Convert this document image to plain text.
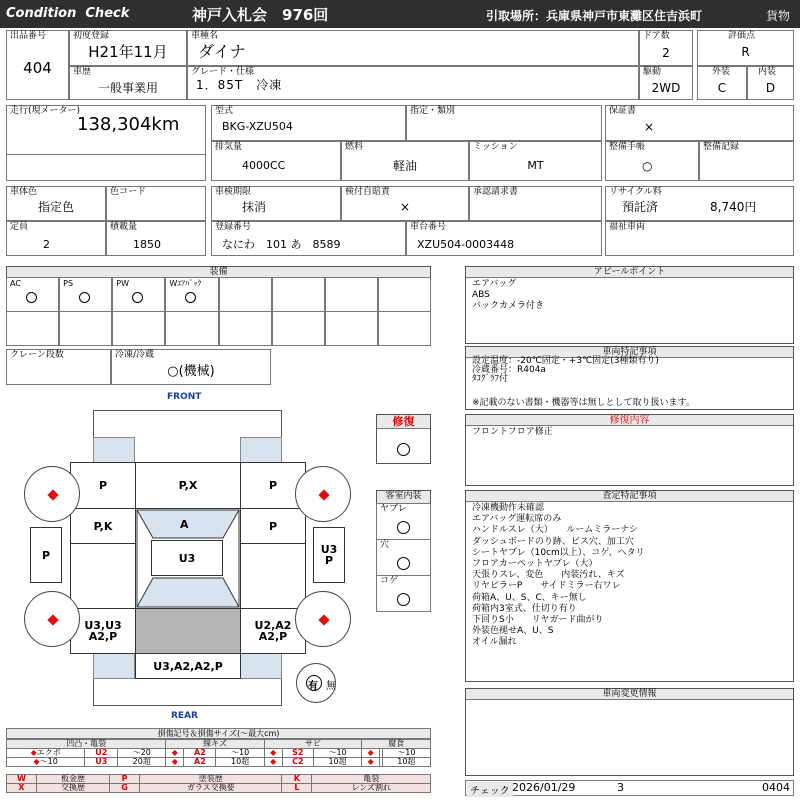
Condition  Check	神戸入札会　976回	引取場所：兵庫県神戸市東灘区住吉浜町	貨物
出品番号
404
初度登録
H21年11月
車種名
ダイナ
ドア数
2
評価点
R
車歴
一般事業用
グレード・仕様
1．85T　冷凍
駆動
2WD
外装
C
内装
D
走行(現メーター)
138,304km
型式
BKG-XZU504
指定・類別	保証書
×
排気量
4000CC
燃料
軽油
ミッション
MT
整備手帳
○
整備記録
車体色
指定色
色コード
定員
2
積載量
1850
車検期限
抹消
検付自賠責
×
承認請求書
登録番号
なにわ　101 あ　8589
車台番号
XZU504-0003448
リサイクル料
預託済	8,740円
福祉車両
装備
AC	PS	PW	Wｴｱﾊﾞｯｸ
クレーン段数	冷凍/冷蔵
○(機械)
FRONT
REAR
P	P,X	P
P,K	P
P	U3
P
U3,U3
A2,P
U2,A2
A2,P
U3,A2,A2,P
A
U3
有 無
修復
客室内装
ヤブレ
穴
コゲ
アピールポイント
エアバッグ
ABS
バックカメラ付き
車両特記事項
設定温度：-20℃固定・+3℃固定(3種類有り)
冷蔵番号：R404a
ﾀｺｸﾞﾗﾌ付
※記載のない書類・機器等は無しとして取り扱います。
修復内容
フロントフロア修正
査定特記事項
冷凍機動作未確認
エアバッグ運転席のみ
ハンドルスレ（大）　　ルームミラーナシ
ダッシュボードのり跡、ビス穴、加工穴
シートヤブレ（10cm以上）、コゲ、ヘタリ
フロアカーペットヤブレ（大）
天張りスレ、変色　　内装汚れ、キズ
リヤピラーP　　サイドミラー右ワレ
荷箱A、U、S、C、キー無し
荷箱内3室式、仕切り有り
下回りS小　　リヤガード曲がり
外装色褪せA、U、S
オイル漏れ
車両変更情報
チェック 2026/01/29	3	0404
損傷記号＆損傷サイズ(〜最大cm)
凹凸・亀裂			線キズ			サビ			腐食		
◆エクボ	U2	〜20	◆	A2	〜10	◆	S2	〜10	◆		〜10
◆〜10	U3	20超	◆	A2	10超	◆	C2	10超	◆		10超
W	板金歴	P	塗装歴	K	亀裂
X	交換歴	G	ガラス交換要	L	レンズ割れ
